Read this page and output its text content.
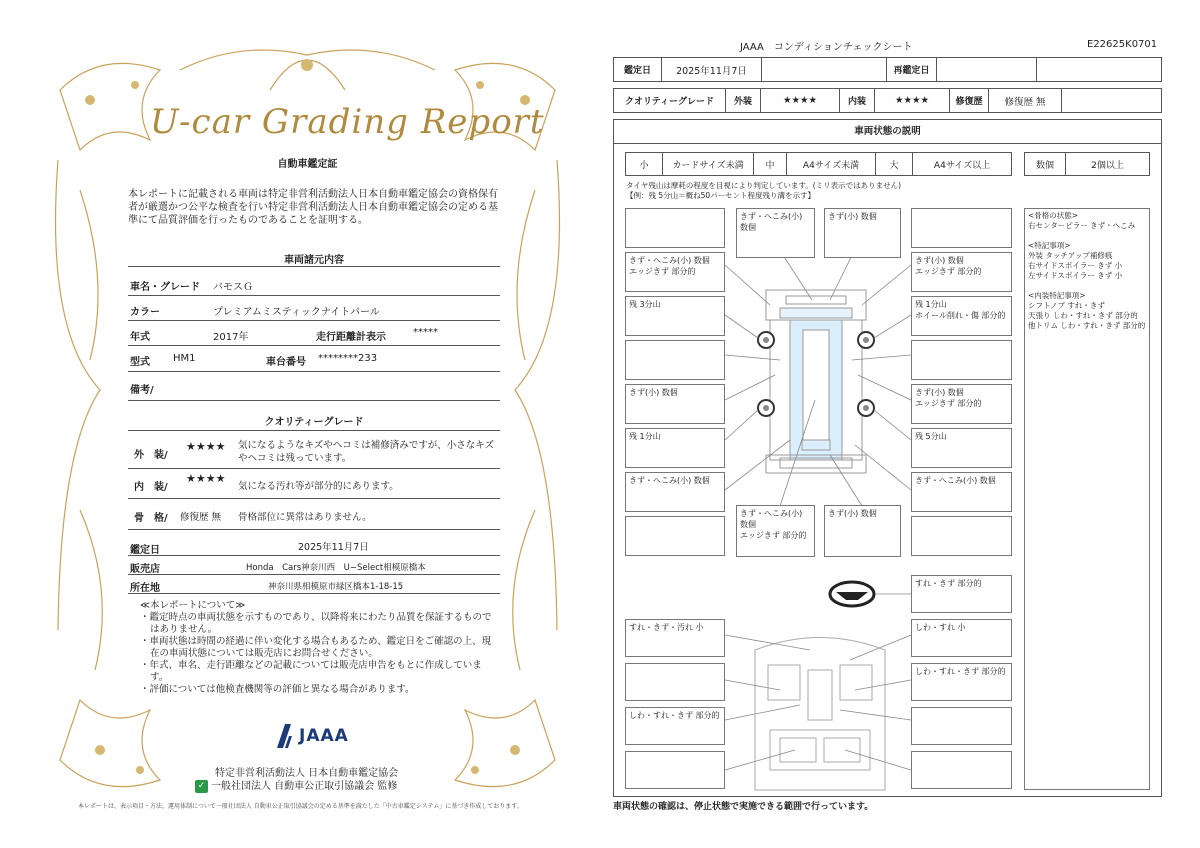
U-car Grading Report
自動車鑑定証
本レポートに記載される車両は特定非営利活動法人日本自動車鑑定協会の資格保有者が厳選かつ公平な検査を行い特定非営利活動法人日本自動車鑑定協会の定める基準にて品質評価を行ったものであることを証明する。
車両諸元内容
車名・グレード バモスＧ
カラー	プレミアムミスティックナイトパール
年式	2017年	走行距離計表示	*****
型式 HM1	車台番号 ********233
備考/
クオリティーグレード
外　装/
★★★★ 気になるようなキズやヘコミは補修済みですが、小さなキズやヘコミは残っています。
内　装/
★★★★
気になる汚れ等が部分的にあります。
骨　格/ 修復歴 無 骨格部位に異常はありません。
鑑定日	2025年11月7日
販売店	Honda　Cars神奈川西　U−Select相模原橋本
所在地	神奈川県相模原市緑区橋本1-18-15
≪本レポートについて≫
・鑑定時点の車両状態を示すものであり、以降将来にわたり品質を保証するものではありません。
・車両状態は時間の経過に伴い変化する場合もあるため、鑑定日をご確認の上、現在の車両状態については販売店にお問合せください。
・年式、車名、走行距離などの記載については販売店申告をもとに作成しています。
・評価については他検査機関等の評価と異なる場合があります。
JAAA
特定非営利活動法人 日本自動車鑑定協会
✓ 一般社団法人 自動車公正取引協議会 監修
本レポートは、表示項目・方法、運用体制について一般社団法人 自動車公正取引協議会の定める基準を満たした「中古車鑑定システム」に基づき作成しております。
JAAA　コンディションチェックシート	E22625K0701
鑑定日	2025年11月7日	再鑑定日
クオリティーグレード	外装	★★★★	内装	★★★★	修復歴	修復歴 無
車両状態の説明
小	カードサイズ未満	中	A4サイズ未満	大	A4サイズ以上	数個	2個以上
タイヤ残山は摩耗の程度を目視により判定しています。(ミリ表示ではありません)
【例：残 5分山＝概ね50パーセント程度残り溝を示す】
きず・へこみ(小) 数個
きず(小) 数個
きず・へこみ(小) 数個
エッジきず 部分的
きず(小) 数個
エッジきず 部分的
残 3分山	残 1分山
ホイール削れ・傷 部分的
きず(小) 数個	きず(小) 数個
エッジきず 部分的
残 1分山	残 5分山
きず・へこみ(小) 数個	きず・へこみ(小) 数個
きず・へこみ(小) 数個
エッジきず 部分的
きず(小) 数個
<骨格の状態>
右センターピラー きず・へこみ

<特記事項>
外装 タッチアップ補修痕
右サイドスポイラー きず 小
左サイドスポイラー きず 小

<内装特記事項>
シフトノブ すれ・きず
天張り しわ・すれ・きず 部分的
他トリム しわ・すれ・きず 部分的
すれ・きず 部分的
すれ・きず・汚れ 小	しわ・すれ 小
しわ・すれ・きず 部分的
しわ・すれ・きず 部分的
車両状態の確認は、停止状態で実施できる範囲で行っています。
